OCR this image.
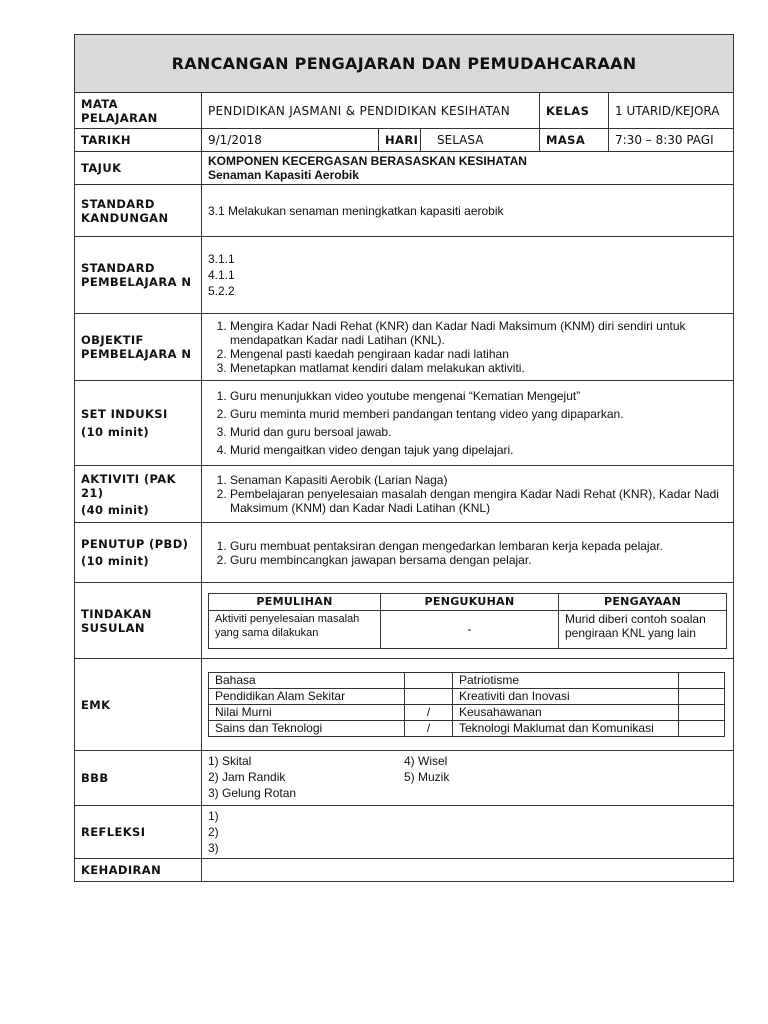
RANCANGAN PENGAJARAN DAN PEMUDAHCARAAN
MATA PELAJARAN	PENDIDIKAN JASMANI & PENDIDIKAN KESIHATAN	KELAS	1 UTARID/KEJORA
TARIKH	9/1/2018	HARI	SELASA	MASA	7:30 – 8:30 PAGI
TAJUK	KOMPONEN KECERGASAN BERASASKAN KESIHATAN
Senaman Kapasiti Aerobik

STANDARD KANDUNGAN	3.1 Melakukan senaman meningkatkan kapasiti aerobik
STANDARD PEMBELAJARA N	
3.1.1
4.1.1
5.2.2

OBJEKTIF PEMBELAJARA N	
1. Mengira Kadar Nadi Rehat (KNR) dan Kadar Nadi Maksimum (KNM) diri sendiri untuk mendapatkan Kadar nadi Latihan (KNL).
2. Mengenal pasti kaedah pengiraan kadar nadi latihan
3. Menetapkan matlamat kendiri dalam melakukan aktiviti.

SET INDUKSI
(10 minit)

1. Guru menunjukkan video youtube mengenai “Kematian Mengejut”
2. Guru meminta murid memberi pandangan tentang video yang dipaparkan.
3. Murid dan guru bersoal jawab.
4. Murid mengaitkan video dengan tajuk yang dipelajari.

AKTIVITI (PAK 21)
(40 minit)

1. Senaman Kapasiti Aerobik (Larian Naga)
2. Pembelajaran penyelesaian masalah dengan mengira Kadar Nadi Rehat (KNR), Kadar Nadi Maksimum (KNM) dan Kadar Nadi Latihan (KNL)

PENUTUP (PBD)
(10 minit)

1. Guru membuat pentaksiran dengan mengedarkan lembaran kerja kepada pelajar.
2. Guru membincangkan jawapan bersama dengan pelajar.

TINDAKAN SUSULAN	
PEMULIHAN	PENGUKUHAN	PENGAYAAN
Aktiviti penyelesaian masalah yang sama dilakukan	-	Murid diberi contoh soalan pengiraan KNL yang lain

EMK	
Bahasa		Patriotisme	
Pendidikan Alam Sekitar		Kreativiti dan Inovasi	
Nilai Murni	/	Keusahawanan	
Sains dan Teknologi	/	Teknologi Maklumat dan Komunikasi	

BBB	
1) Skital	4) Wisel
2) Jam Randik	5) Muzik
3) Gelung Rotan

REFLEKSI	
1)
2)
3)

KEHADIRAN	
